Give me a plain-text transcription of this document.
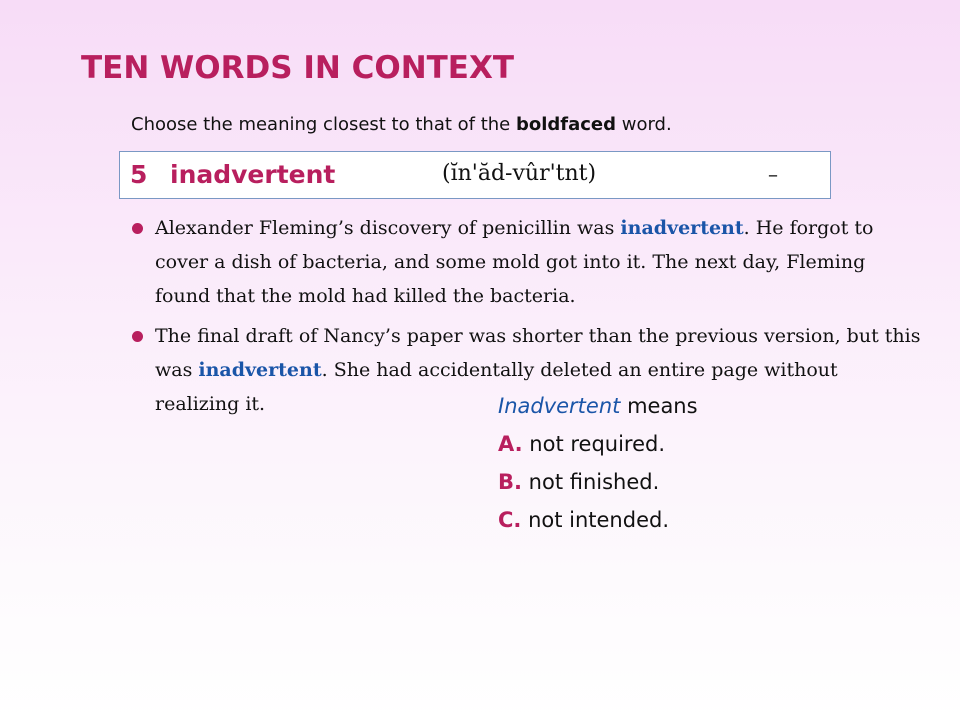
TEN WORDS IN CONTEXT
Choose the meaning closest to that of the boldfaced word.
5 inadvertent	(ĭn'ăd-vûr'tnt)	–
Alexander Fleming’s discovery of penicillin was inadvertent. He forgot to cover a dish of bacteria, and some mold got into it. The next day, Fleming found that the mold had killed the bacteria.
The final draft of Nancy’s paper was shorter than the previous version, but this was inadvertent. She had accidentally deleted an entire page without realizing it.	Inadvertent means
A. not required.
B. not finished.
C. not intended.
